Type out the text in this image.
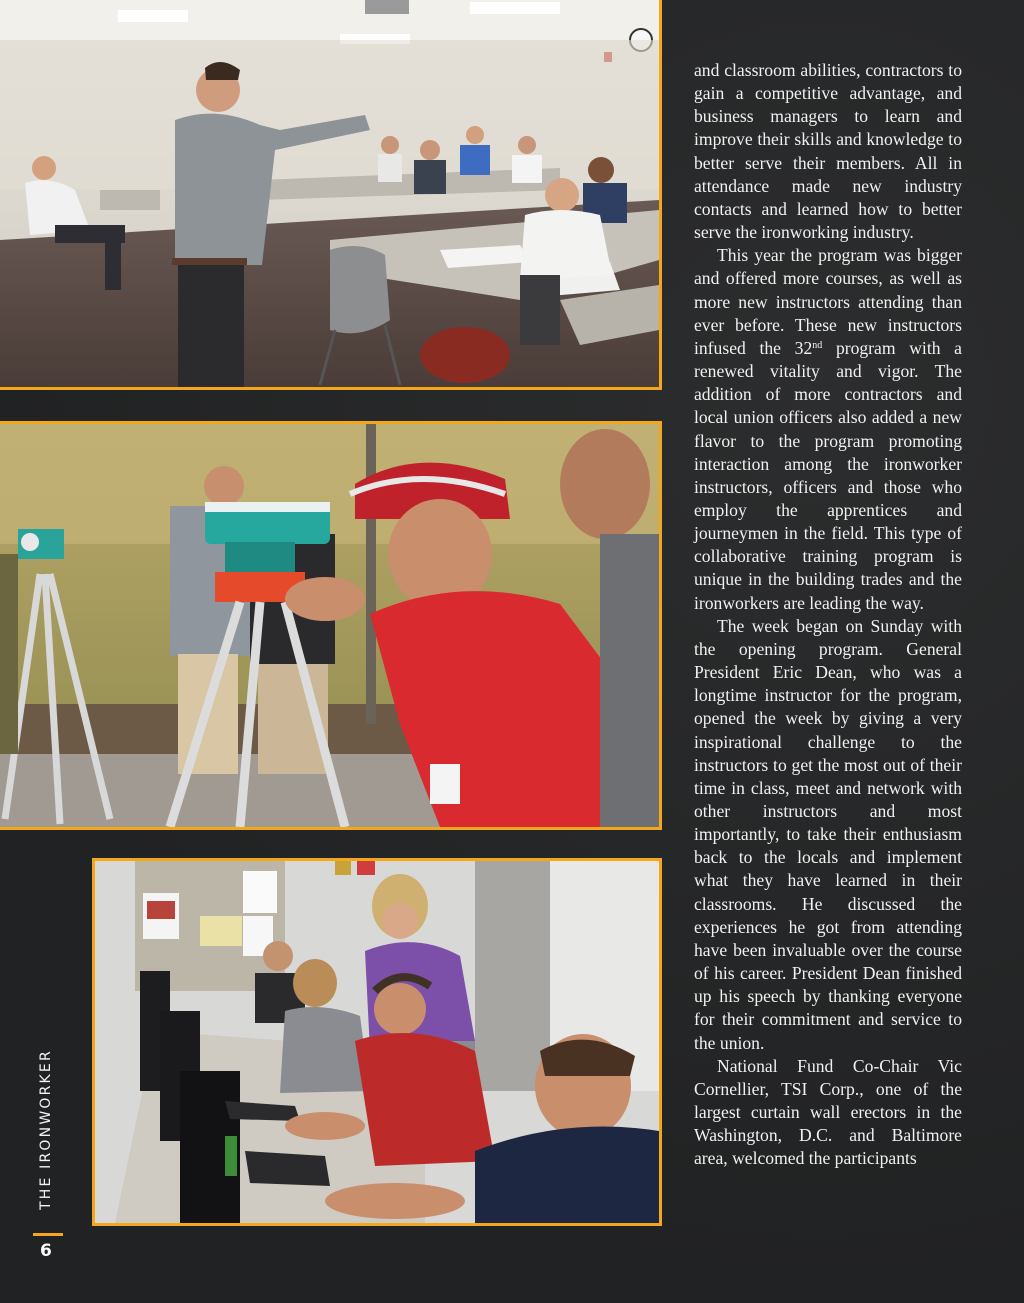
and classroom abilities, contractors to gain a competitive advantage, and business managers to learn and improve their skills and knowledge to better serve their members. All in attendance made new industry contacts and learned how to better serve the ironworking industry.

This year the program was bigger and offered more courses, as well as more new instructors attending than ever before. These new instructors infused the 32nd program with a renewed vitality and vigor. The addition of more contractors and local union officers also added a new flavor to the program promoting interaction among the ironworker instructors, officers and those who employ the apprentices and journeymen in the field. This type of collaborative training program is unique in the building trades and the ironworkers are leading the way.

The week began on Sunday with the opening program. General President Eric Dean, who was a longtime instructor for the program, opened the week by giving a very inspirational challenge to the instructors to get the most out of their time in class, meet and network with other instructors and most importantly, to take their enthusiasm back to the locals and implement what they have learned in their classrooms. He discussed the experiences he got from attending have been invaluable over the course of his career. President Dean finished up his speech by thanking everyone for their commitment and service to the union.

National Fund Co-Chair Vic Cornellier, TSI Corp., one of the largest curtain wall erectors in the Washington, D.C. and Baltimore area, welcomed the participants

THE IRONWORKER
6
